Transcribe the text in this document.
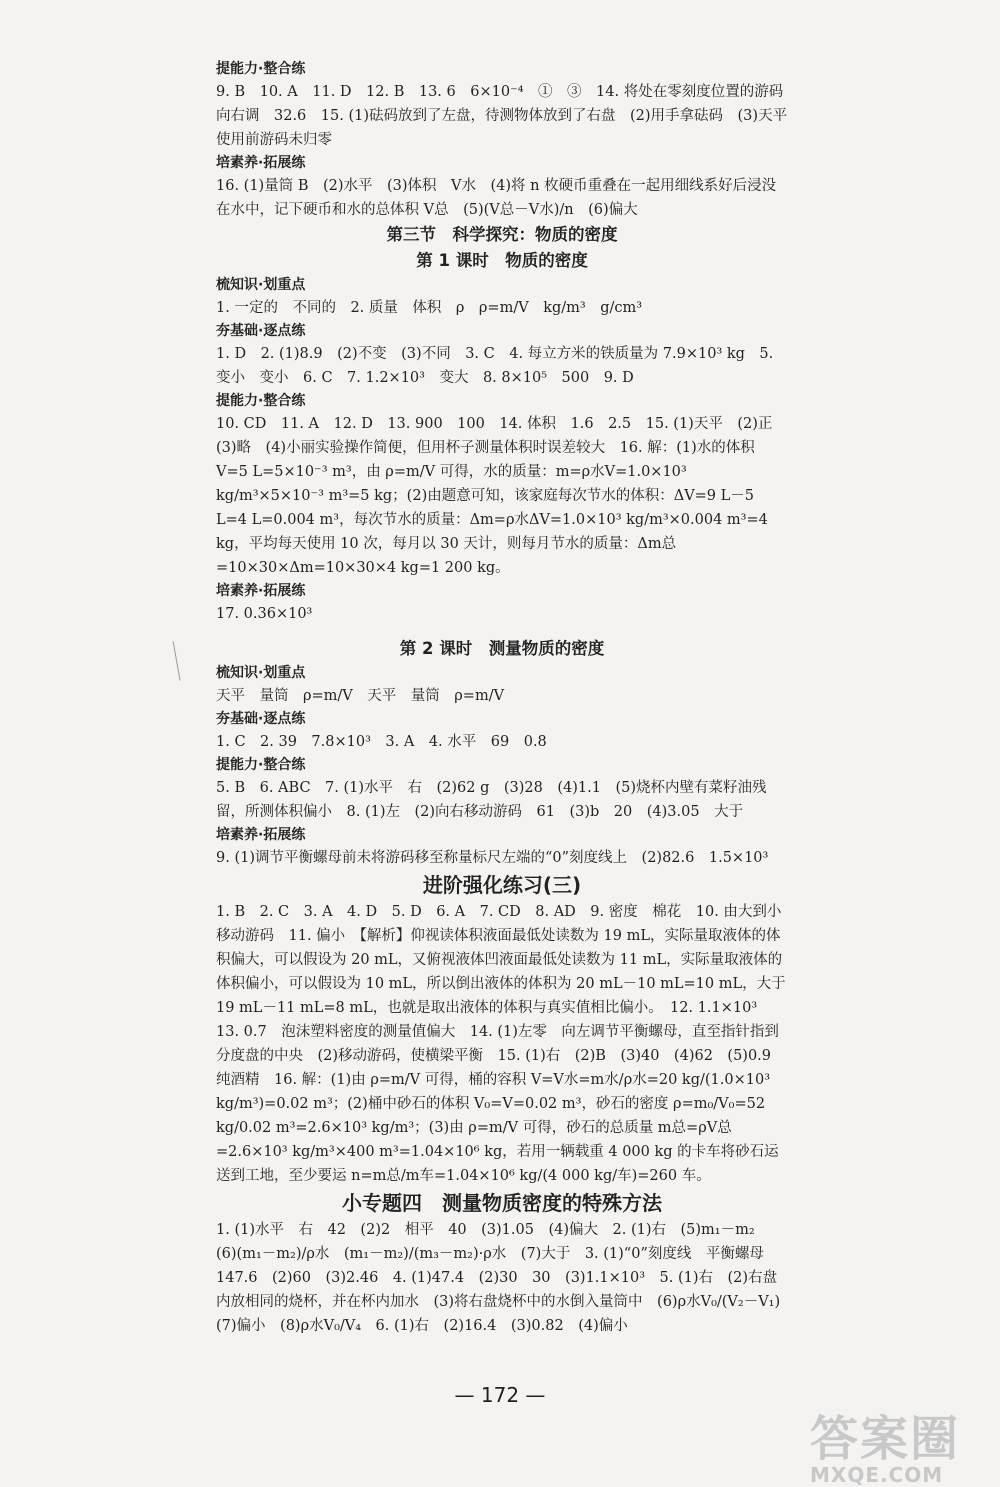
提能力·整合练
9. B　10. A　11. D　12. B　13. 6　6×10⁻⁴　①　③　14. 将处在零刻度位置的游码向右调　32.6　15. (1)砝码放到了左盘，待测物体放到了右盘　(2)用手拿砝码　(3)天平使用前游码未归零
培素养·拓展练
16. (1)量筒 B　(2)水平　(3)体积　V水　(4)将 n 枚硬币重叠在一起用细线系好后浸没在水中，记下硬币和水的总体积 V总　(5)(V总－V水)/n　(6)偏大
第三节　科学探究：物质的密度
第 1 课时　物质的密度
梳知识·划重点
1. 一定的　不同的　2. 质量　体积　ρ　ρ=m/V　kg/m³　g/cm³
夯基础·逐点练
1. D　2. (1)8.9　(2)不变　(3)不同　3. C　4. 每立方米的铁质量为 7.9×10³ kg　5. 变小　变小　6. C　7. 1.2×10³　变大　8. 8×10⁵　500　9. D
提能力·整合练
10. CD　11. A　12. D　13. 900　100　14. 体积　1.6　2.5　15. (1)天平　(2)正　(3)略　(4)小丽实验操作简便，但用杯子测量体积时误差较大　16. 解：(1)水的体积 V=5 L=5×10⁻³ m³，由 ρ=m/V 可得，水的质量：m=ρ水V=1.0×10³ kg/m³×5×10⁻³ m³=5 kg；(2)由题意可知，该家庭每次节水的体积：ΔV=9 L－5 L=4 L=0.004 m³，每次节水的质量：Δm=ρ水ΔV=1.0×10³ kg/m³×0.004 m³=4 kg，平均每天使用 10 次，每月以 30 天计，则每月节水的质量：Δm总=10×30×Δm=10×30×4 kg=1 200 kg。
培素养·拓展练
17. 0.36×10³
第 2 课时　测量物质的密度
梳知识·划重点
天平　量筒　ρ=m/V　天平　量筒　ρ=m/V
夯基础·逐点练
1. C　2. 39　7.8×10³　3. A　4. 水平　69　0.8
提能力·整合练
5. B　6. ABC　7. (1)水平　右　(2)62 g　(3)28　(4)1.1　(5)烧杯内壁有菜籽油残留，所测体积偏小　8. (1)左　(2)向右移动游码　61　(3)b　20　(4)3.05　大于
培素养·拓展练
9. (1)调节平衡螺母前未将游码移至称量标尺左端的“0”刻度线上　(2)82.6　1.5×10³
进阶强化练习(三)
1. B　2. C　3. A　4. D　5. D　6. A　7. CD　8. AD　9. 密度　棉花　10. 由大到小　移动游码　11. 偏小　【解析】仰视读体积液面最低处读数为 19 mL，实际量取液体的体积偏大，可以假设为 20 mL，又俯视液体凹液面最低处读数为 11 mL，实际量取液体的体积偏小，可以假设为 10 mL，所以倒出液体的体积为 20 mL－10 mL=10 mL，大于 19 mL－11 mL=8 mL，也就是取出液体的体积与真实值相比偏小。　12. 1.1×10³　13. 0.7　泡沫塑料密度的测量值偏大　14. (1)左零　向左调节平衡螺母，直至指针指到分度盘的中央　(2)移动游码，使横梁平衡　15. (1)右　(2)B　(3)40　(4)62　(5)0.9　纯酒精　16. 解：(1)由 ρ=m/V 可得，桶的容积 V=V水=m水/ρ水=20 kg/(1.0×10³ kg/m³)=0.02 m³；(2)桶中砂石的体积 V₀=V=0.02 m³，砂石的密度 ρ=m₀/V₀=52 kg/0.02 m³=2.6×10³ kg/m³；(3)由 ρ=m/V 可得，砂石的总质量 m总=ρV总=2.6×10³ kg/m³×400 m³=1.04×10⁶ kg，若用一辆载重 4 000 kg 的卡车将砂石运送到工地，至少要运 n=m总/m车=1.04×10⁶ kg/(4 000 kg/车)=260 车。
小专题四　测量物质密度的特殊方法
1. (1)水平　右　42　(2)2　相平　40　(3)1.05　(4)偏大　2. (1)右　(5)m₁－m₂　(6)(m₁－m₂)/ρ水　(m₁－m₂)/(m₃－m₂)·ρ水　(7)大于　3. (1)“0”刻度线　平衡螺母　147.6　(2)60　(3)2.46　4. (1)47.4　(2)30　30　(3)1.1×10³　5. (1)右　(2)右盘内放相同的烧杯，并在杯内加水　(3)将右盘烧杯中的水倒入量筒中　(6)ρ水V₀/(V₂－V₁)　(7)偏小　(8)ρ水V₀/V₄　6. (1)右　(2)16.4　(3)0.82　(4)偏小
— 172 —
答案圈
MXQE.COM
